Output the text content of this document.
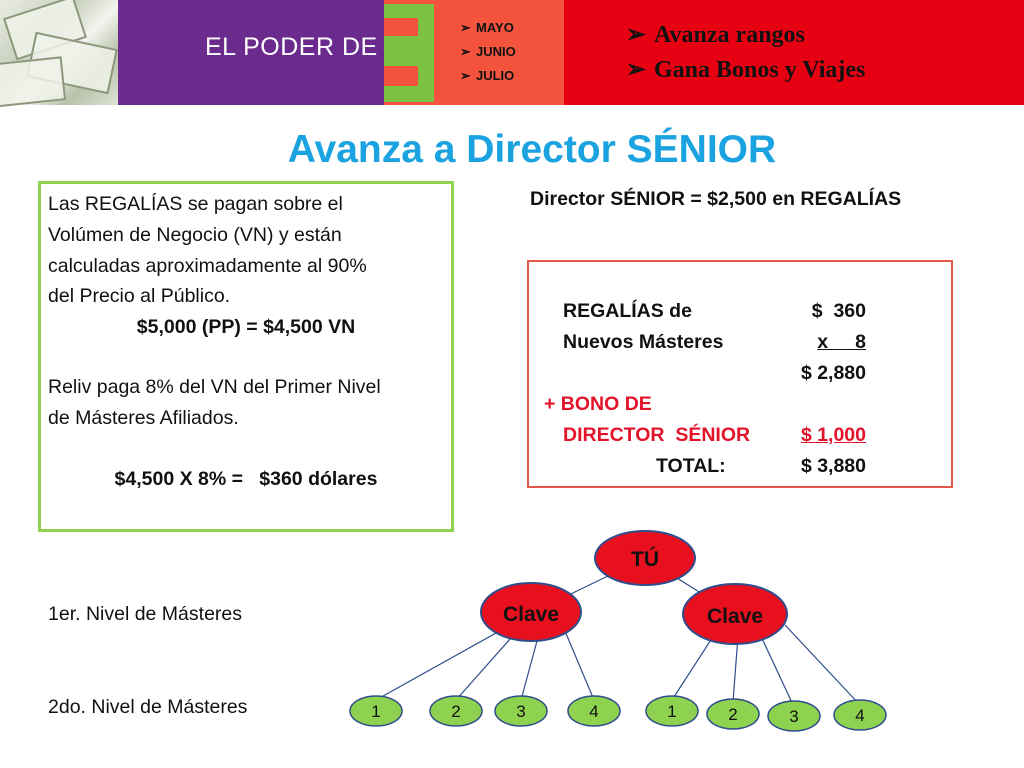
EL PODER DE
➢ MAYO
➢ JUNIO
➢ JULIO
➢ Avanza rangos
➢ Gana Bonos y Viajes
Avanza a Director SÉNIOR
Las REGALÍAS se pagan sobre el
Volúmen de Negocio (VN) y están
calculadas aproximadamente al 90%
del Precio al Público.
$5,000 (PP) = $4,500 VN
Reliv paga 8% del VN del Primer Nivel
de Másteres Afiliados.
$4,500 X 8% =   $360 dólares
Director SÉNIOR = $2,500 en REGALÍAS
REGALÍAS de	$  360
Nuevos Másteres	x     8
$ 2,880
+ BONO DE
DIRECTOR  SÉNIOR	$ 1,000
TOTAL:	$ 3,880
1er. Nivel de Másteres
2do. Nivel de Másteres
TÚ
Clave	Clave
1	2	3	4	1	2	3	4
